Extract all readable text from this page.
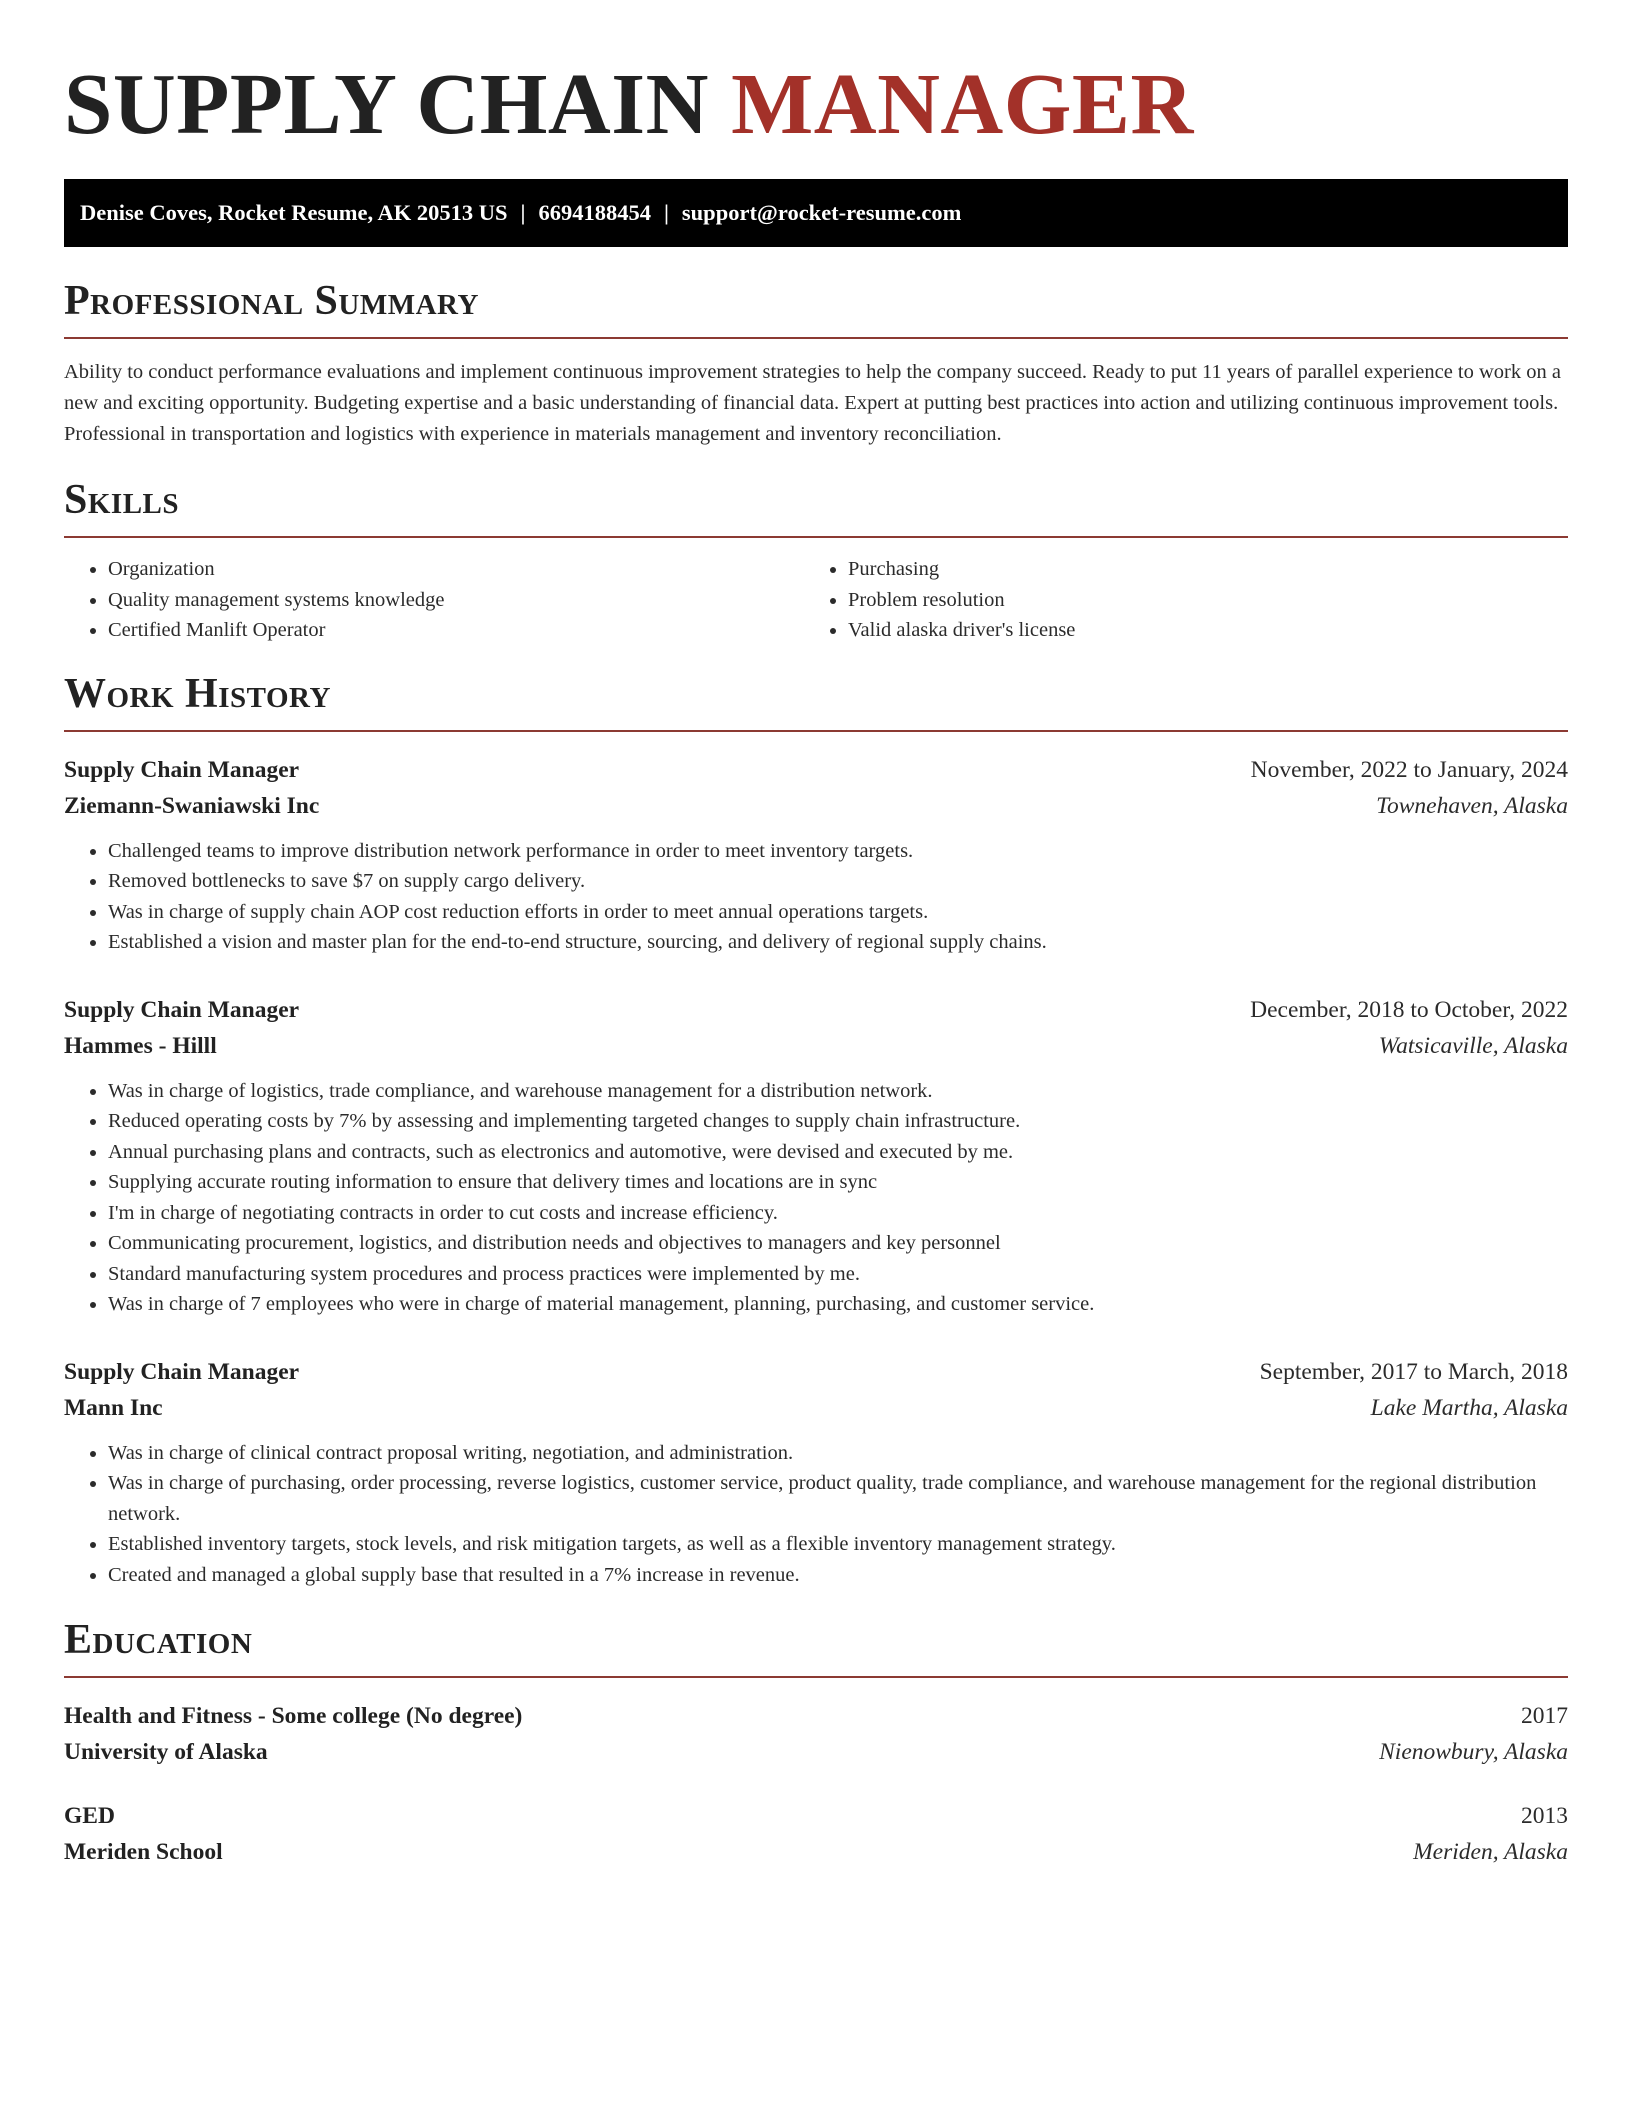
SUPPLY CHAIN MANAGER
Denise Coves, Rocket Resume, AK 20513 US | 6694188454 | support@rocket-resume.com
Professional Summary

Ability to conduct performance evaluations and implement continuous improvement strategies to help the company succeed. Ready to put 11 years of parallel experience to work on a new and exciting opportunity. Budgeting expertise and a basic understanding of financial data. Expert at putting best practices into action and utilizing continuous improvement tools. Professional in transportation and logistics with experience in materials management and inventory reconciliation.

Skills
• Organization
• Quality management systems knowledge
• Certified Manlift Operator
• Purchasing
• Problem resolution
• Valid alaska driver's license
Work History
Supply Chain Manager	November, 2022 to January, 2024
Ziemann-Swaniawski Inc	Townehaven, Alaska
• Challenged teams to improve distribution network performance in order to meet inventory targets.
• Removed bottlenecks to save $7 on supply cargo delivery.
• Was in charge of supply chain AOP cost reduction efforts in order to meet annual operations targets.
• Established a vision and master plan for the end-to-end structure, sourcing, and delivery of regional supply chains.
Supply Chain Manager	December, 2018 to October, 2022
Hammes - Hilll	Watsicaville, Alaska
• Was in charge of logistics, trade compliance, and warehouse management for a distribution network.
• Reduced operating costs by 7% by assessing and implementing targeted changes to supply chain infrastructure.
• Annual purchasing plans and contracts, such as electronics and automotive, were devised and executed by me.
• Supplying accurate routing information to ensure that delivery times and locations are in sync
• I'm in charge of negotiating contracts in order to cut costs and increase efficiency.
• Communicating procurement, logistics, and distribution needs and objectives to managers and key personnel
• Standard manufacturing system procedures and process practices were implemented by me.
• Was in charge of 7 employees who were in charge of material management, planning, purchasing, and customer service.
Supply Chain Manager	September, 2017 to March, 2018
Mann Inc	Lake Martha, Alaska
• Was in charge of clinical contract proposal writing, negotiation, and administration.
• Was in charge of purchasing, order processing, reverse logistics, customer service, product quality, trade compliance, and warehouse management for the regional distribution network.
• Established inventory targets, stock levels, and risk mitigation targets, as well as a flexible inventory management strategy.
• Created and managed a global supply base that resulted in a 7% increase in revenue.
Education
Health and Fitness - Some college (No degree)	2017
University of Alaska	Nienowbury, Alaska
GED	2013
Meriden School	Meriden, Alaska
